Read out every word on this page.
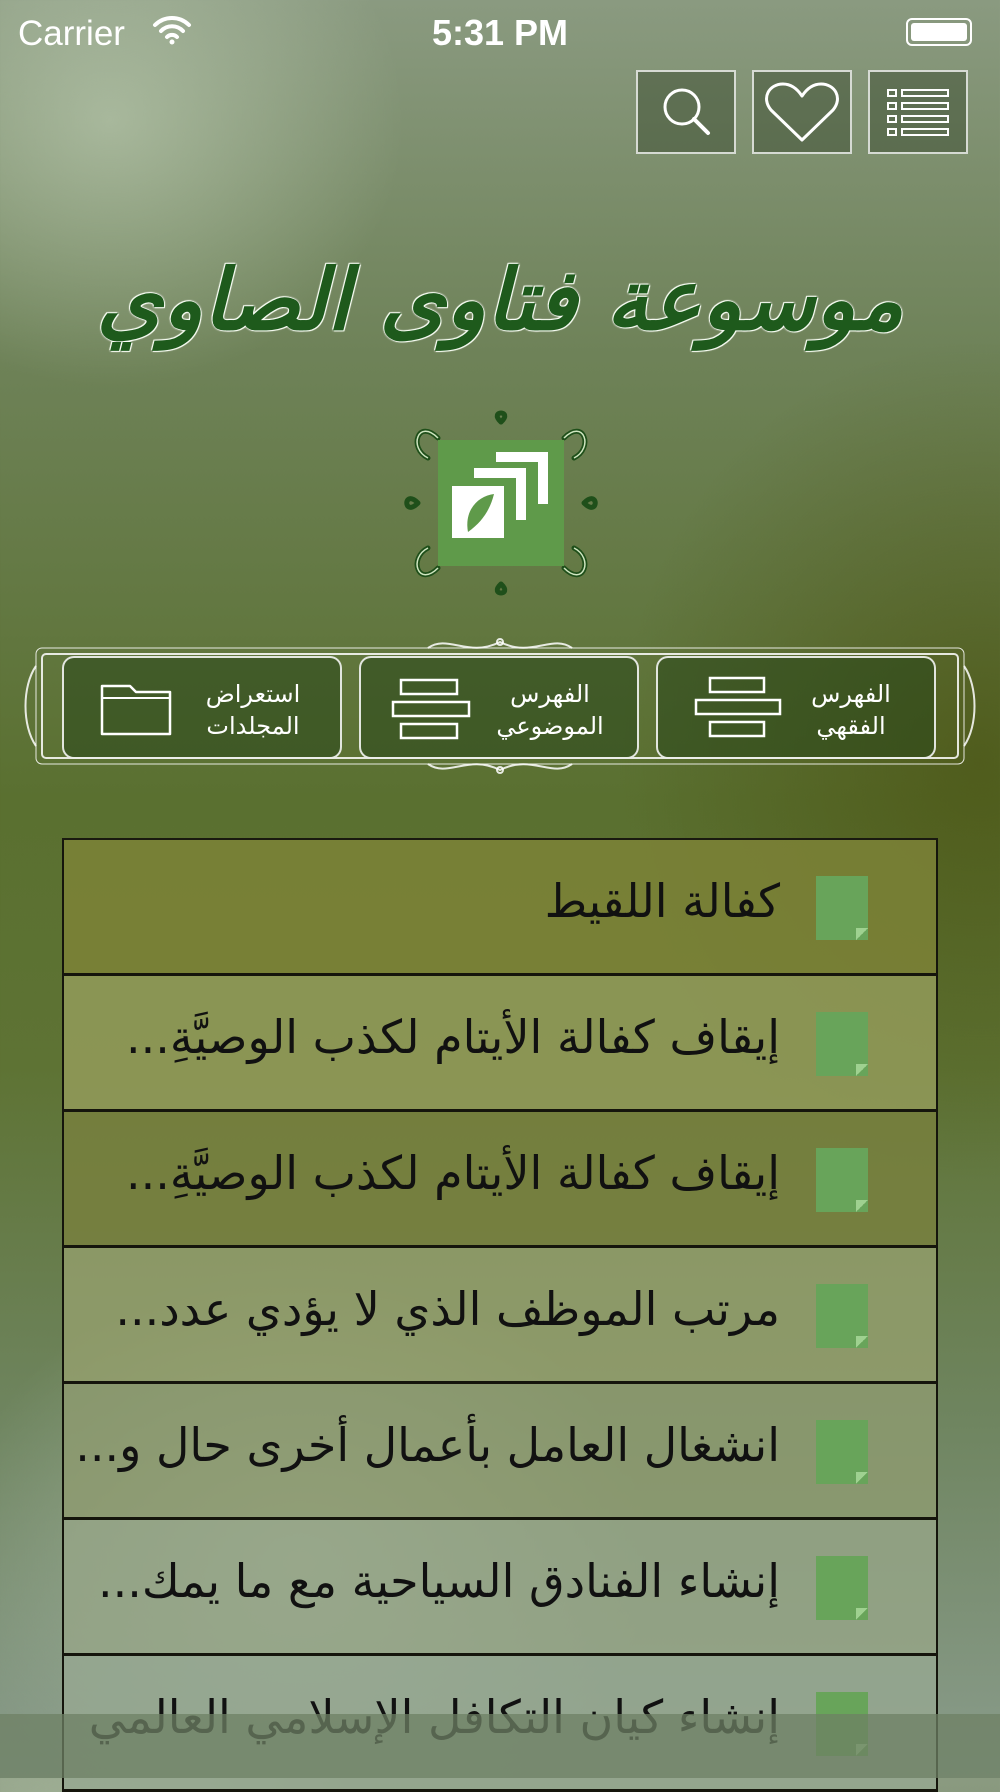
Carrier	5:31 PM
موسوعة فتاوى الصاوي
الفهرس
الفقهي
الفهرس
الموضوعي
استعراض
المجلدات
كفالة اللقيط
إيقاف كفالة الأيتام لكذب الوصيَّةِ...
إيقاف كفالة الأيتام لكذب الوصيَّةِ...
مرتب الموظف الذي لا يؤدي عدد...
انشغال العامل بأعمال أخرى حال و...
إنشاء الفنادق السياحية مع ما يمك...
